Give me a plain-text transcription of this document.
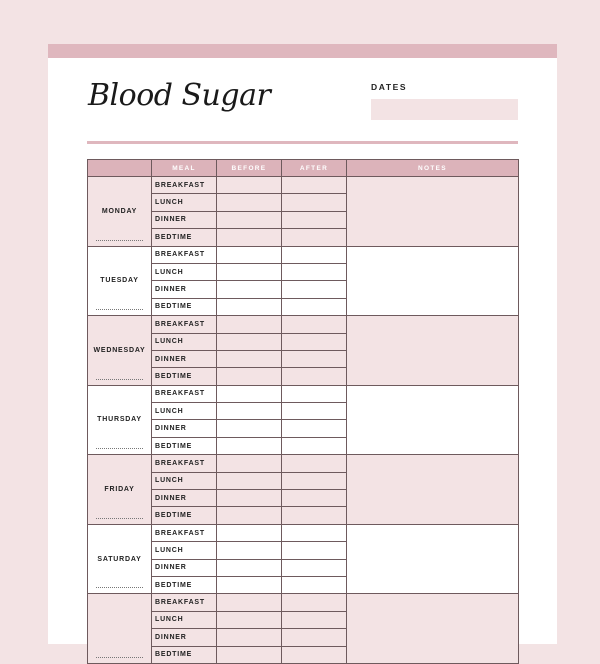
Blood Sugar	DATES
	MEAL	BEFORE	AFTER	NOTES

MONDAY	BREAKFAST			
	LUNCH			
	DINNER			
	BEDTIME			

TUESDAY	BREAKFAST			
	LUNCH			
	DINNER			
	BEDTIME			

WEDNESDAY	BREAKFAST			
	LUNCH			
	DINNER			
	BEDTIME			

THURSDAY	BREAKFAST			
	LUNCH			
	DINNER			
	BEDTIME			

FRIDAY	BREAKFAST			
	LUNCH			
	DINNER			
	BEDTIME			

SATURDAY	BREAKFAST			
	LUNCH			
	DINNER			
	BEDTIME			

	BREAKFAST			
	LUNCH			
	DINNER			
	BEDTIME			
